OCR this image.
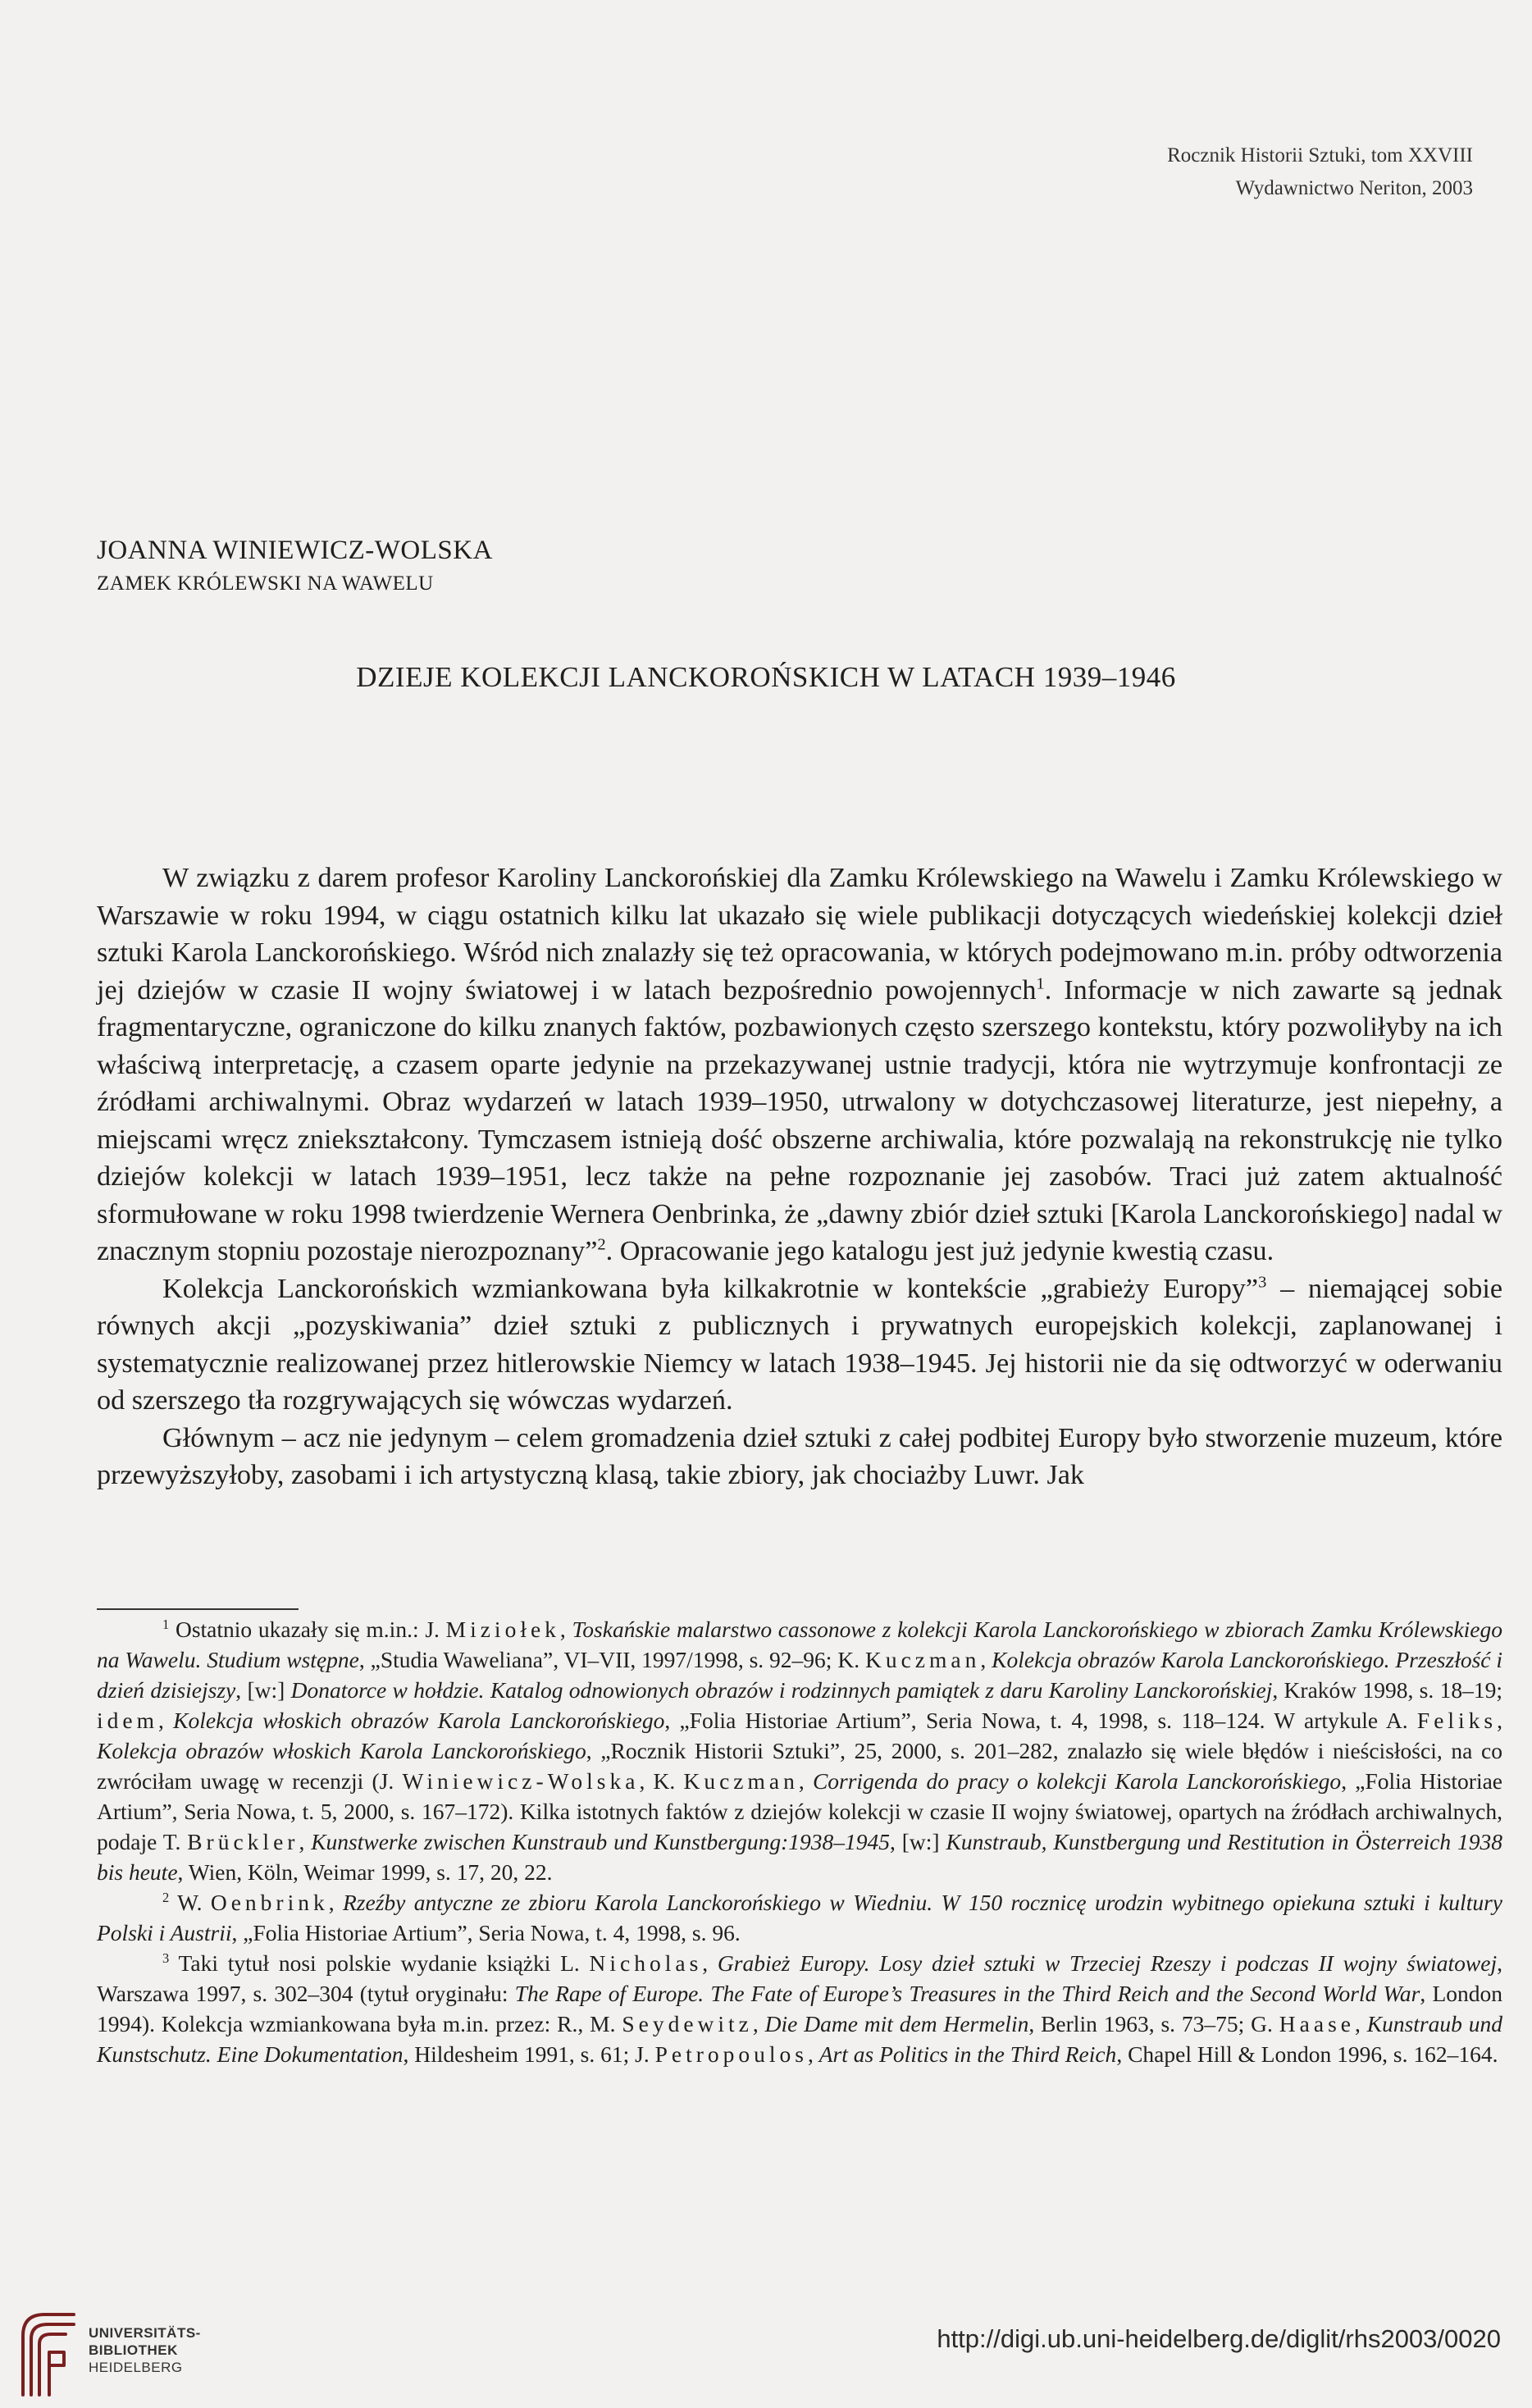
Rocznik Historii Sztuki, tom XXVIII
Wydawnictwo Neriton, 2003
JOANNA WINIEWICZ-WOLSKA
ZAMEK KRÓLEWSKI NA WAWELU
DZIEJE KOLEKCJI LANCKOROŃSKICH W LATACH 1939–1946

W związku z darem profesor Karoliny Lanckorońskiej dla Zamku Królewskiego na Wawelu i Zamku Królewskiego w Warszawie w roku 1994, w ciągu ostatnich kilku lat ukazało się wiele publikacji dotyczących wiedeńskiej kolekcji dzieł sztuki Karola Lanckorońskiego. Wśród nich znalazły się też opracowania, w których podejmowano m.in. próby odtworzenia jej dziejów w czasie II wojny światowej i w latach bezpośrednio powojennych$^1$. Informacje w nich zawarte są jednak fragmentaryczne, ograniczone do kilku znanych faktów, pozbawionych często szerszego kontekstu, który pozwoliłyby na ich właściwą interpretację, a czasem oparte jedynie na przekazywanej ustnie tradycji, która nie wytrzymuje konfrontacji ze źródłami archiwalnymi. Obraz wydarzeń w latach 1939–1950, utrwalony w dotychczasowej literaturze, jest niepełny, a miejscami wręcz zniekształcony. Tymczasem istnieją dość obszerne archiwalia, które pozwalają na rekonstrukcję nie tylko dziejów kolekcji w latach 1939–1951, lecz także na pełne rozpoznanie jej zasobów. Traci już zatem aktualność sformułowane w roku 1998 twierdzenie Wernera Oenbrinka, że „dawny zbiór dzieł sztuki [Karola Lanckorońskiego] nadal w znacznym stopniu pozostaje nierozpoznany”$^2$. Opracowanie jego katalogu jest już jedynie kwestią czasu.

Kolekcja Lanckorońskich wzmiankowana była kilkakrotnie w kontekście „grabieży Europy”$^3$ – niemającej sobie równych akcji „pozyskiwania” dzieł sztuki z publicznych i prywatnych europejskich kolekcji, zaplanowanej i systematycznie realizowanej przez hitlerowskie Niemcy w latach 1938–1945. Jej historii nie da się odtworzyć w oderwaniu od szerszego tła rozgrywających się wówczas wydarzeń.

Głównym – acz nie jedynym – celem gromadzenia dzieł sztuki z całej podbitej Europy było stworzenie muzeum, które przewyższyłoby, zasobami i ich artystyczną klasą, takie zbiory, jak chociażby Luwr. Jak

$^1$ Ostatnio ukazały się m.in.: J. Miziołek, Toskańskie malarstwo cassonowe z kolekcji Karola Lanckorońskiego w zbiorach Zamku Królewskiego na Wawelu. Studium wstępne, „Studia Waweliana”, VI–VII, 1997/1998, s. 92–96; K. Kuczman, Kolekcja obrazów Karola Lanckorońskiego. Przeszłość i dzień dzisiejszy, [w:] Donatorce w hołdzie. Katalog odnowionych obrazów i rodzinnych pamiątek z daru Karoliny Lanckorońskiej, Kraków 1998, s. 18–19; idem, Kolekcja włoskich obrazów Karola Lanckorońskiego, „Folia Historiae Artium”, Seria Nowa, t. 4, 1998, s. 118–124. W artykule A. Feliks, Kolekcja obrazów włoskich Karola Lanckorońskiego, „Rocznik Historii Sztuki”, 25, 2000, s. 201–282, znalazło się wiele błędów i nieścisłości, na co zwróciłam uwagę w recenzji (J. Winiewicz-Wolska, K. Kuczman, Corrigenda do pracy o kolekcji Karola Lanckorońskiego, „Folia Historiae Artium”, Seria Nowa, t. 5, 2000, s. 167–172). Kilka istotnych faktów z dziejów kolekcji w czasie II wojny światowej, opartych na źródłach archiwalnych, podaje T. Brückler, Kunstwerke zwischen Kunstraub und Kunstbergung:1938–1945, [w:] Kunstraub, Kunstbergung und Restitution in Österreich 1938 bis heute, Wien, Köln, Weimar 1999, s. 17, 20, 22.

$^2$ W. Oenbrink, Rzeźby antyczne ze zbioru Karola Lanckorońskiego w Wiedniu. W 150 rocznicę urodzin wybitnego opiekuna sztuki i kultury Polski i Austrii, „Folia Historiae Artium”, Seria Nowa, t. 4, 1998, s. 96.

$^3$ Taki tytuł nosi polskie wydanie książki L. Nicholas, Grabież Europy. Losy dzieł sztuki w Trzeciej Rzeszy i podczas II wojny światowej, Warszawa 1997, s. 302–304 (tytuł oryginału: The Rape of Europe. The Fate of Europe’s Treasures in the Third Reich and the Second World War, London 1994). Kolekcja wzmiankowana była m.in. przez: R., M. Seydewitz, Die Dame mit dem Hermelin, Berlin 1963, s. 73–75; G. Haase, Kunstraub und Kunstschutz. Eine Dokumentation, Hildesheim 1991, s. 61; J. Petropoulos, Art as Politics in the Third Reich, Chapel Hill & London 1996, s. 162–164.

UNIVERSITÄTS-
BIBLIOTHEK
HEIDELBERG
http://digi.ub.uni-heidelberg.de/diglit/rhs2003/0020
